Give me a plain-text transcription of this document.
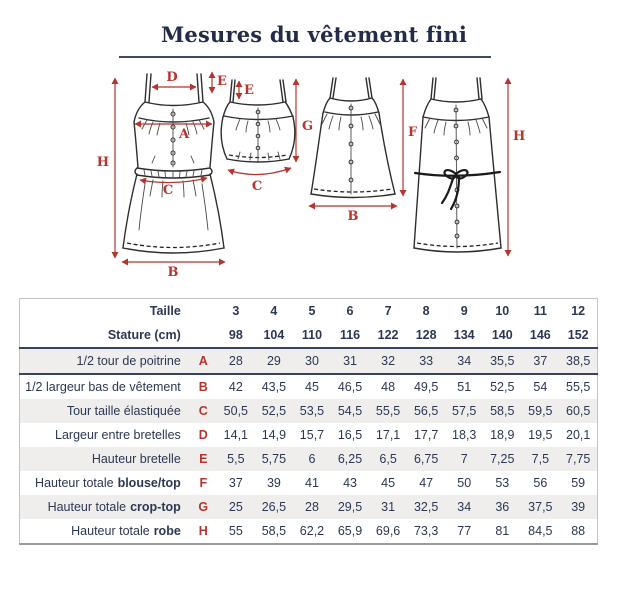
Mesures du vêtement fini
H
D	E
A
C
B
E
G
C
F
B
H
Taille		3	4	5	6	7	8	9	10	11	12
Stature (cm)		98	104	110	116	122	128	134	140	146	152
1/2 tour de poitrine	A	28	29	30	31	32	33	34	35,5	37	38,5
1/2 largeur bas de vêtement	B	42	43,5	45	46,5	48	49,5	51	52,5	54	55,5
Tour taille élastiquée	C	50,5	52,5	53,5	54,5	55,5	56,5	57,5	58,5	59,5	60,5
Largeur entre bretelles	D	14,1	14,9	15,7	16,5	17,1	17,7	18,3	18,9	19,5	20,1
Hauteur bretelle	E	5,5	5,75	6	6,25	6,5	6,75	7	7,25	7,5	7,75
Hauteur totale blouse/top	F	37	39	41	43	45	47	50	53	56	59
Hauteur totale crop-top	G	25	26,5	28	29,5	31	32,5	34	36	37,5	39
Hauteur totale robe	H	55	58,5	62,2	65,9	69,6	73,3	77	81	84,5	88
